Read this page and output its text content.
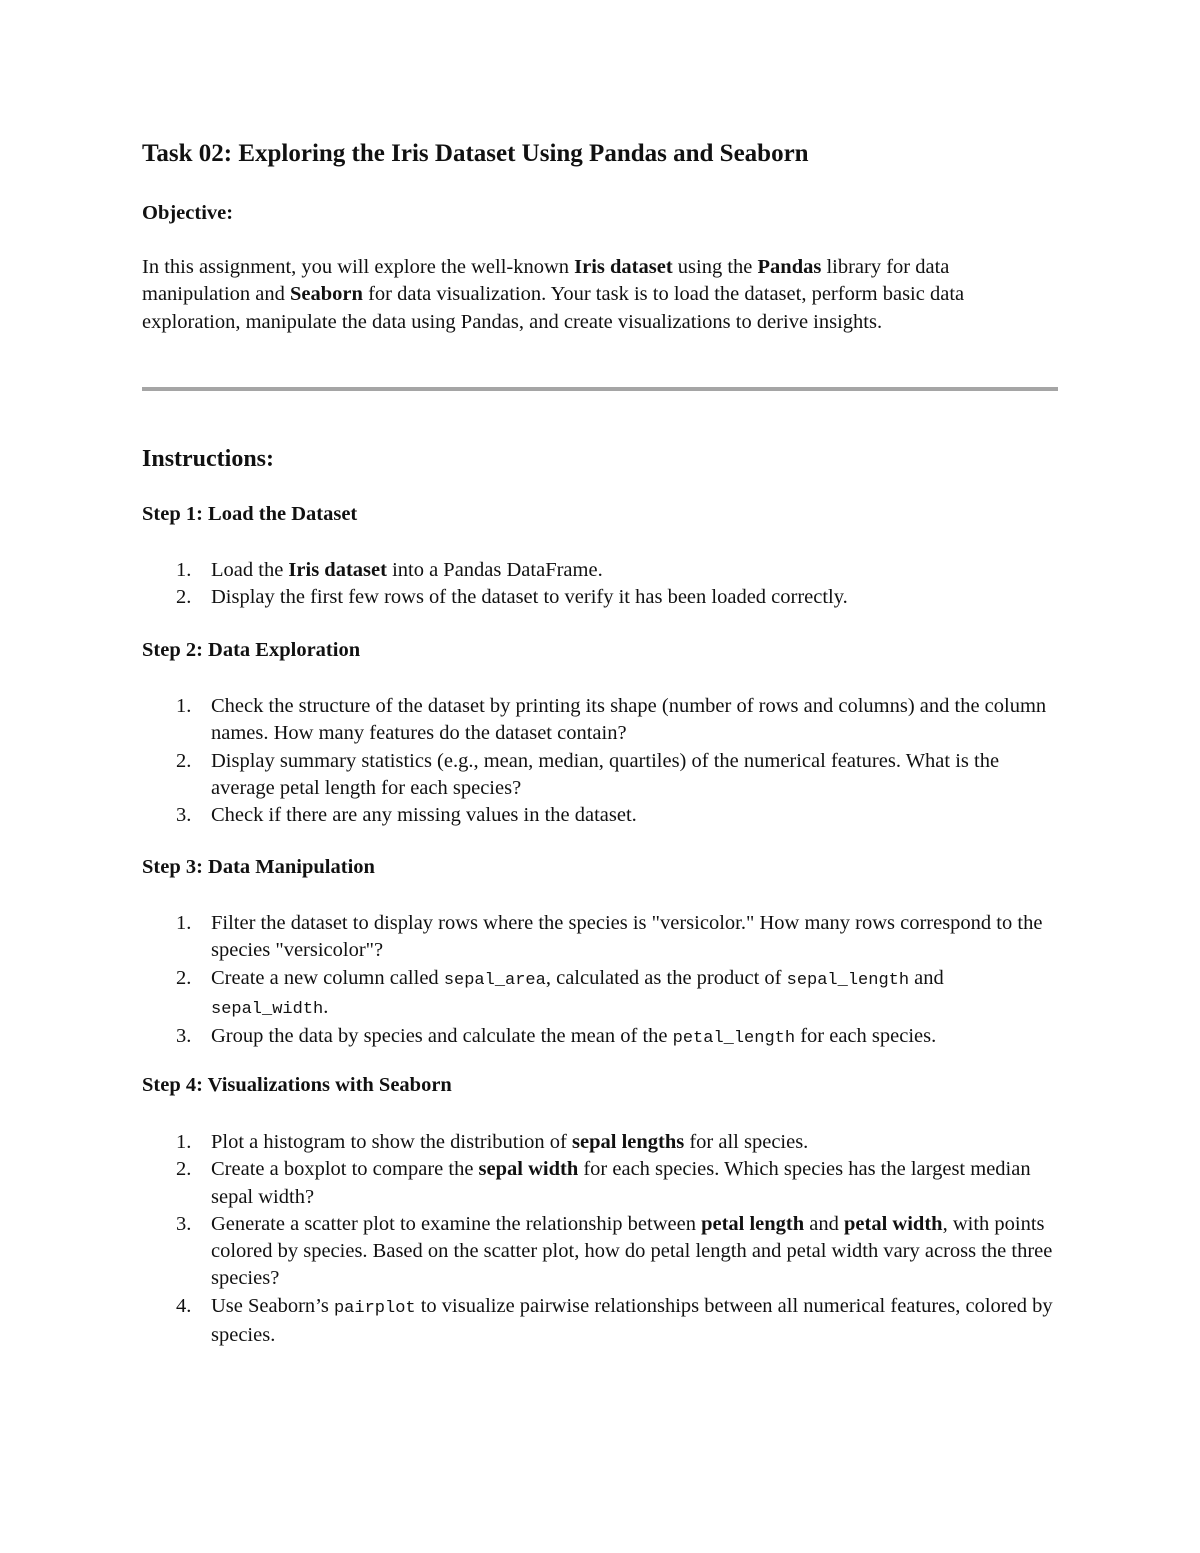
Task 02: Exploring the Iris Dataset Using Pandas and Seaborn
Objective:

In this assignment, you will explore the well-known Iris dataset using the Pandas library for data manipulation and Seaborn for data visualization. Your task is to load the dataset, perform basic data exploration, manipulate the data using Pandas, and create visualizations to derive insights.

Instructions:
Step 1: Load the Dataset
1. Load the Iris dataset into a Pandas DataFrame.
2. Display the first few rows of the dataset to verify it has been loaded correctly.
Step 2: Data Exploration
1. Check the structure of the dataset by printing its shape (number of rows and columns) and the column names. How many features do the dataset contain?
2. Display summary statistics (e.g., mean, median, quartiles) of the numerical features. What is the average petal length for each species?
3. Check if there are any missing values in the dataset.
Step 3: Data Manipulation
1. Filter the dataset to display rows where the species is "versicolor." How many rows correspond to the species "versicolor"?
2. Create a new column called sepal_area, calculated as the product of sepal_length and sepal_width.
3. Group the data by species and calculate the mean of the petal_length for each species.
Step 4: Visualizations with Seaborn
1. Plot a histogram to show the distribution of sepal lengths for all species.
2. Create a boxplot to compare the sepal width for each species. Which species has the largest median sepal width?
3. Generate a scatter plot to examine the relationship between petal length and petal width, with points colored by species. Based on the scatter plot, how do petal length and petal width vary across the three species?
4. Use Seaborn’s pairplot to visualize pairwise relationships between all numerical features, colored by species.
